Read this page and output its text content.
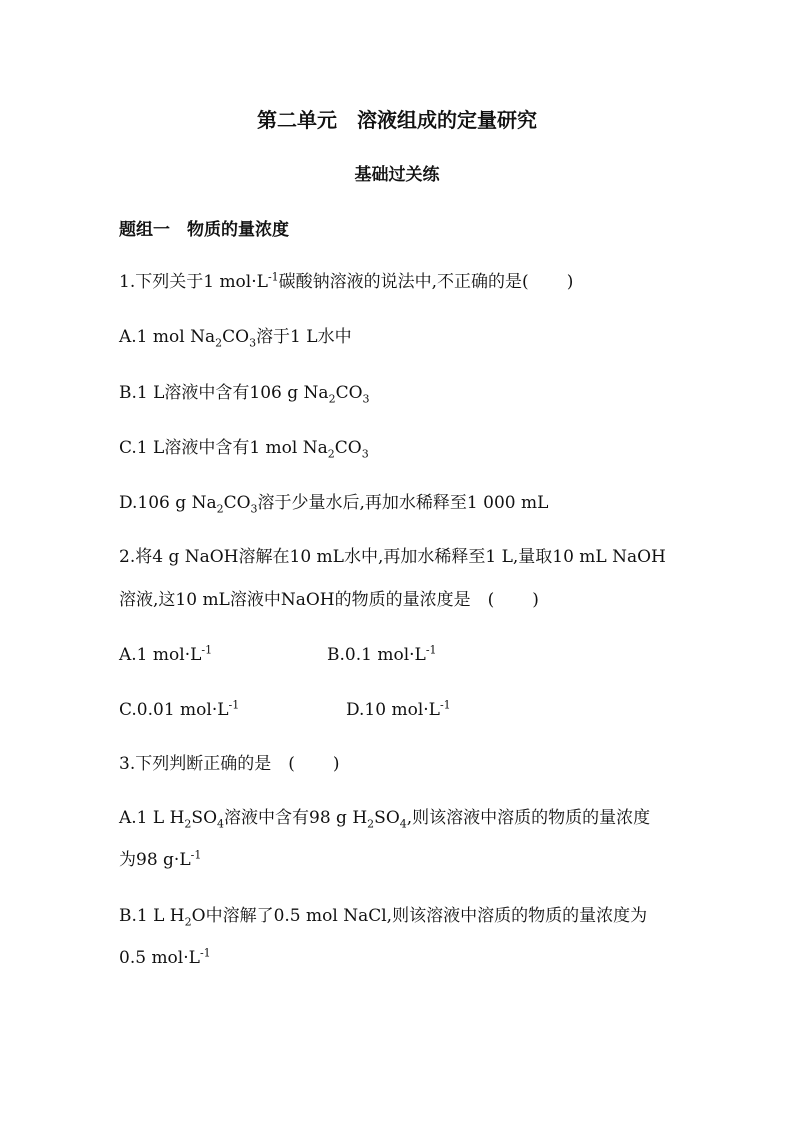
第二单元　溶液组成的定量研究
基础过关练
题组一　物质的量浓度
1.下列关于1 $mol\cdot L^{-1}$碳酸钠溶液的说法中,不正确的是( )
A.1 mol $Na_2CO_3$溶于1 L水中
B.1 L溶液中含有106 g $Na_2CO_3$
C.1 L溶液中含有1 mol $Na_2CO_3$
D.106 g $Na_2CO_3$溶于少量水后,再加水稀释至1 000 mL
2.将4 g NaOH溶解在10 mL水中,再加水稀释至1 L,量取10 mL NaOH
溶液,这10 mL溶液中NaOH的物质的量浓度是　( )
A.1 $mol\cdot L^{-1}$	B.0.1 $mol\cdot L^{-1}$
C.0.01 $mol\cdot L^{-1}$	D.10 $mol\cdot L^{-1}$
3.下列判断正确的是　( )
A.1 L $H_2SO_4$溶液中含有98 g $H_2SO_4$,则该溶液中溶质的物质的量浓度
为98 $g\cdot L^{-1}$
B.1 L $H_2O$中溶解了0.5 mol NaCl,则该溶液中溶质的物质的量浓度为
0.5 $mol\cdot L^{-1}$
